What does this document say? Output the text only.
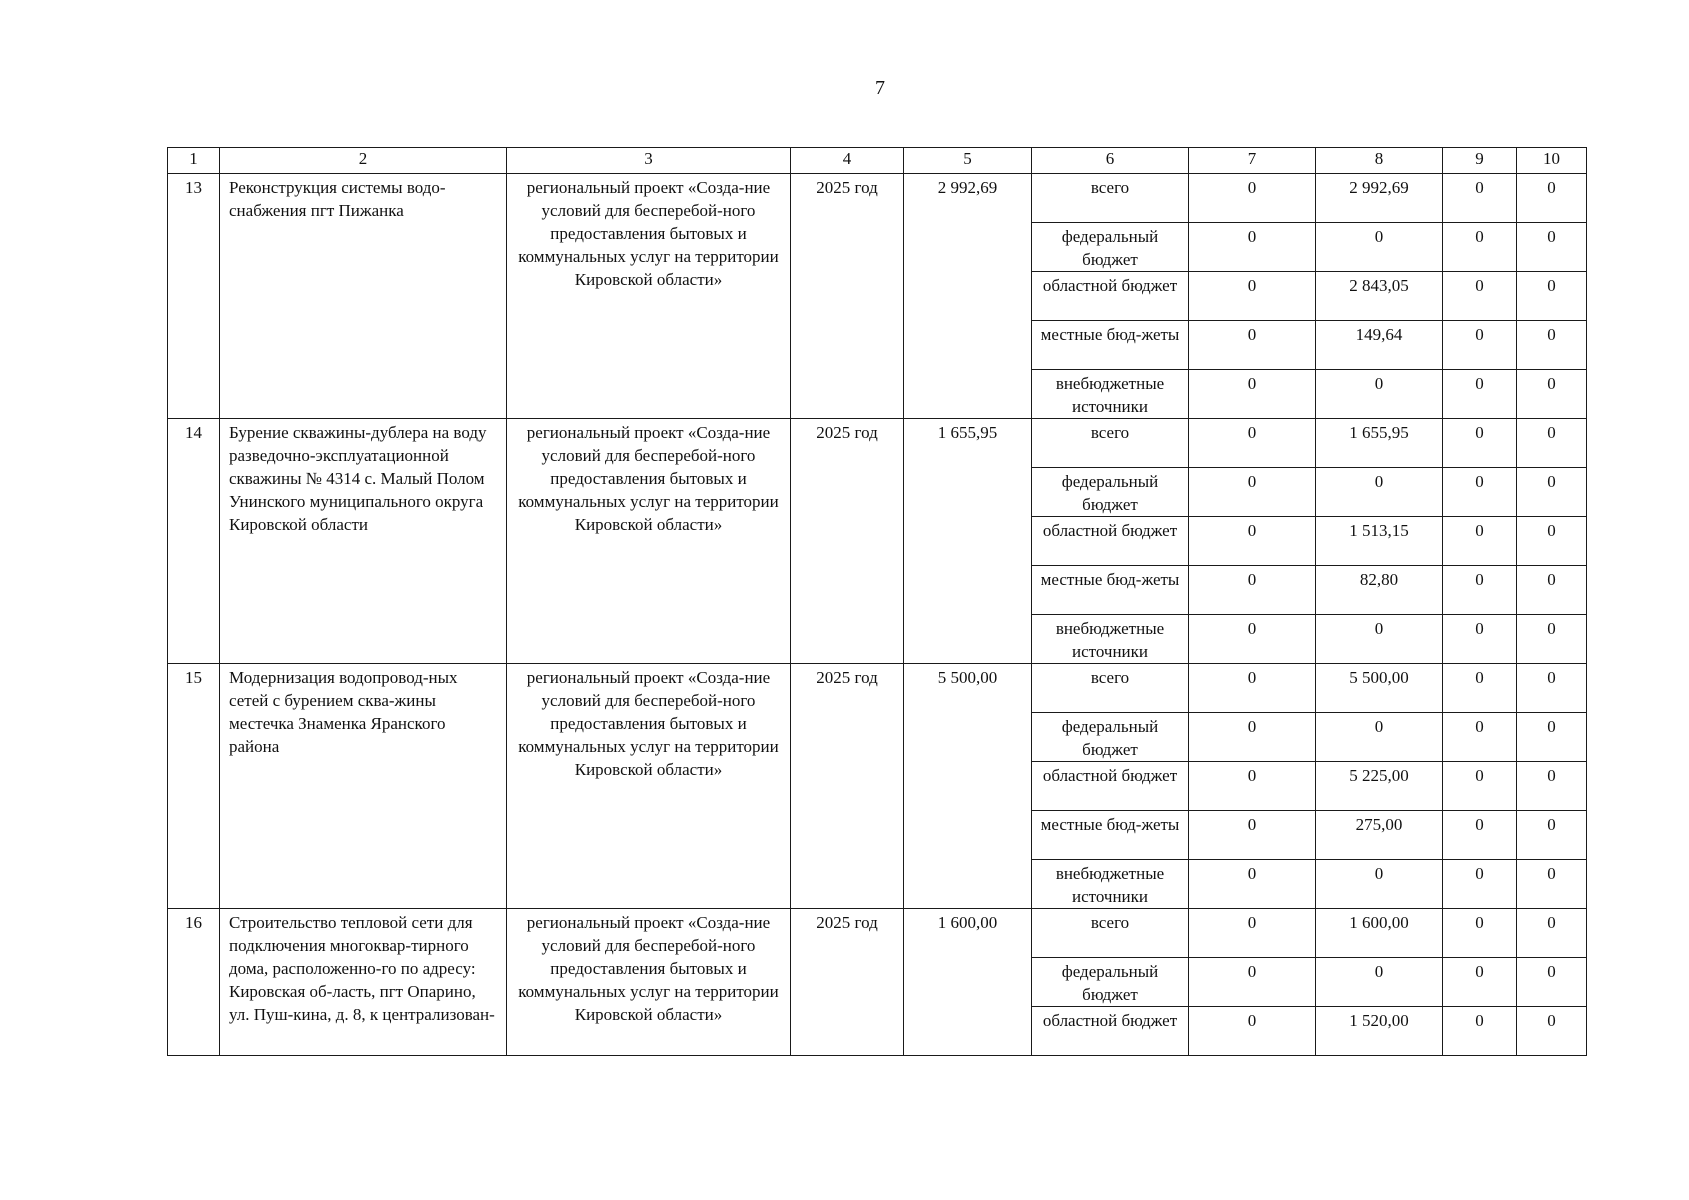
7
1	2	3	4	5	6	7	8	9	10
13	Реконструкция системы водо-снабжения пгт Пижанка	региональный проект «Созда-ние условий для бесперебой-ного предоставления бытовых и коммунальных услуг на территории Кировской области»	2025 год	2 992,69	всего	0	2 992,69	0	0
					федеральный бюджет	0	0	0	0
					областной бюджет	0	2 843,05	0	0
					местные бюд-жеты	0	149,64	0	0
					внебюджетные источники	0	0	0	0
14	Бурение скважины-дублера на воду разведочно-эксплуатационной скважины № 4314 с. Малый Полом Унинского муниципального округа Кировской области	региональный проект «Созда-ние условий для бесперебой-ного предоставления бытовых и коммунальных услуг на территории Кировской области»	2025 год	1 655,95	всего	0	1 655,95	0	0
					федеральный бюджет	0	0	0	0
					областной бюджет	0	1 513,15	0	0
					местные бюд-жеты	0	82,80	0	0
					внебюджетные источники	0	0	0	0
15	Модернизация водопровод-ных сетей с бурением сква-жины местечка Знаменка Яранского района	региональный проект «Созда-ние условий для бесперебой-ного предоставления бытовых и коммунальных услуг на территории Кировской области»	2025 год	5 500,00	всего	0	5 500,00	0	0
					федеральный бюджет	0	0	0	0
					областной бюджет	0	5 225,00	0	0
					местные бюд-жеты	0	275,00	0	0
					внебюджетные источники	0	0	0	0
16	Строительство тепловой сети для подключения многоквар-тирного дома, расположенно-го по адресу: Кировская об-ласть, пгт Опарино, ул. Пуш-кина, д. 8, к централизован-	региональный проект «Созда-ние условий для бесперебой-ного предоставления бытовых и коммунальных услуг на территории Кировской области»	2025 год	1 600,00	всего	0	1 600,00	0	0
					федеральный бюджет	0	0	0	0
					областной бюджет	0	1 520,00	0	0
